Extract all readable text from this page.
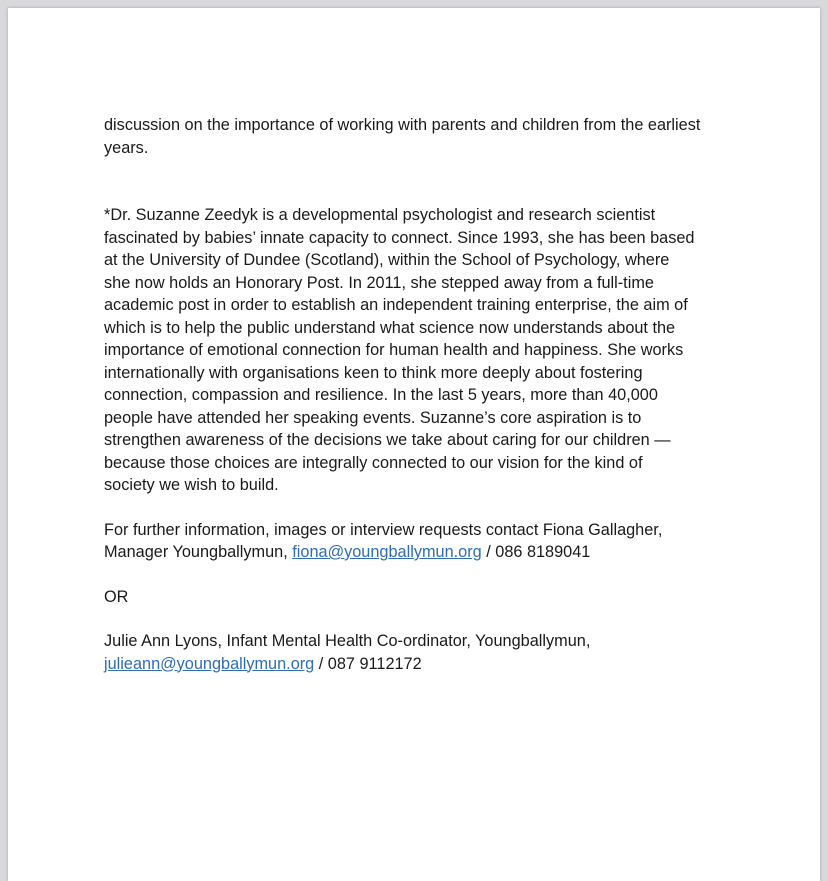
discussion on the importance of working with parents and children from the earliest years.

*Dr. Suzanne Zeedyk is a developmental psychologist and research scientist
fascinated by babies’ innate capacity to connect. Since 1993, she has been based
at the University of Dundee (Scotland), within the School of Psychology, where
she now holds an Honorary Post. In 2011, she stepped away from a full-time
academic post in order to establish an independent training enterprise, the aim of
which is to help the public understand what science now understands about the
importance of emotional connection for human health and happiness. She works
internationally with organisations keen to think more deeply about fostering
connection, compassion and resilience. In the last 5 years, more than 40,000
people have attended her speaking events. Suzanne’s core aspiration is to
strengthen awareness of the decisions we take about caring for our children —
because those choices are integrally connected to our vision for the kind of
society we wish to build.

For further information, images or interview requests contact Fiona Gallagher,
Manager Youngballymun, fiona@youngballymun.org / 086 8189041

OR

Julie Ann Lyons, Infant Mental Health Co-ordinator, Youngballymun,
julieann@youngballymun.org / 087 9112172
